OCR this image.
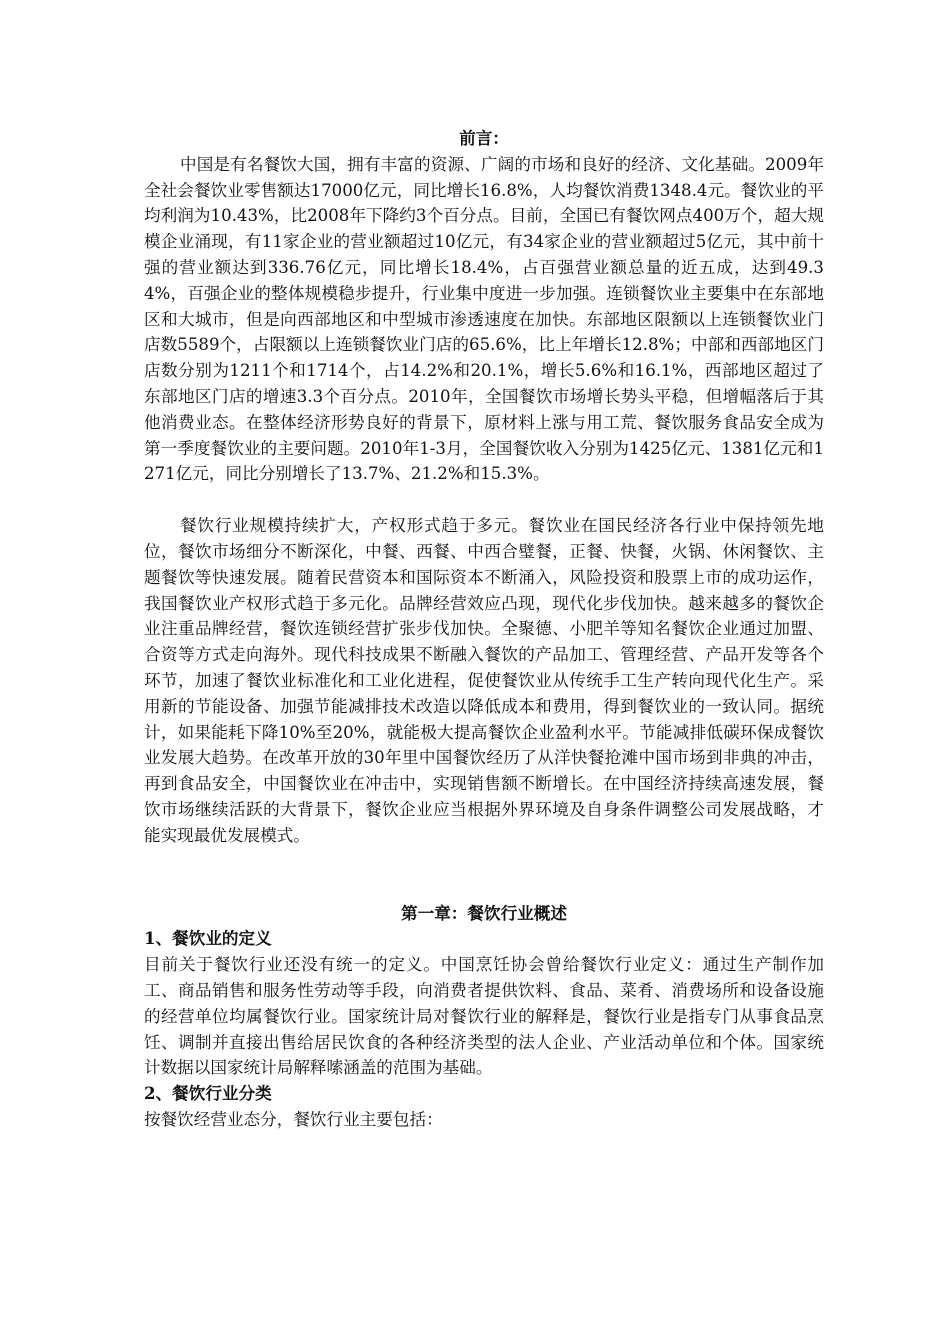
前言：

中国是有名餐饮大国，拥有丰富的资源、广阔的市场和良好的经济、文化基础。2009年全社会餐饮业零售额达17000亿元，同比增长16.8%，人均餐饮消费1348.4元。餐饮业的平均利润为10.43%，比2008年下降约3个百分点。目前，全国已有餐饮网点400万个，超大规模企业涌现，有11家企业的营业额超过10亿元，有34家企业的营业额超过5亿元，其中前十强的营业额达到336.76亿元，同比增长18.4%，占百强营业额总量的近五成，达到49.34%，百强企业的整体规模稳步提升，行业集中度进一步加强。连锁餐饮业主要集中在东部地区和大城市，但是向西部地区和中型城市渗透速度在加快。东部地区限额以上连锁餐饮业门店数5589个，占限额以上连锁餐饮业门店的65.6%，比上年增长12.8%；中部和西部地区门店数分别为1211个和1714个，占14.2%和20.1%，增长5.6%和16.1%，西部地区超过了东部地区门店的增速3.3个百分点。2010年，全国餐饮市场增长势头平稳，但增幅落后于其他消费业态。在整体经济形势良好的背景下，原材料上涨与用工荒、餐饮服务食品安全成为第一季度餐饮业的主要问题。2010年1-3月，全国餐饮收入分别为1425亿元、1381亿元和1271亿元，同比分别增长了13.7%、21.2%和15.3%。

餐饮行业规模持续扩大，产权形式趋于多元。餐饮业在国民经济各行业中保持领先地位，餐饮市场细分不断深化，中餐、西餐、中西合璧餐，正餐、快餐，火锅、休闲餐饮、主题餐饮等快速发展。随着民营资本和国际资本不断涌入，风险投资和股票上市的成功运作，我国餐饮业产权形式趋于多元化。品牌经营效应凸现，现代化步伐加快。越来越多的餐饮企业注重品牌经营，餐饮连锁经营扩张步伐加快。全聚德、小肥羊等知名餐饮企业通过加盟、合资等方式走向海外。现代科技成果不断融入餐饮的产品加工、管理经营、产品开发等各个环节，加速了餐饮业标准化和工业化进程，促使餐饮业从传统手工生产转向现代化生产。采用新的节能设备、加强节能减排技术改造以降低成本和费用，得到餐饮业的一致认同。据统计，如果能耗下降10%至20%，就能极大提高餐饮企业盈利水平。节能减排低碳环保成餐饮业发展大趋势。在改革开放的30年里中国餐饮经历了从洋快餐抢滩中国市场到非典的冲击，再到食品安全，中国餐饮业在冲击中，实现销售额不断增长。在中国经济持续高速发展，餐饮市场继续活跃的大背景下，餐饮企业应当根据外界环境及自身条件调整公司发展战略，才能实现最优发展模式。

第一章：餐饮行业概述

1、餐饮业的定义

目前关于餐饮行业还没有统一的定义。中国烹饪协会曾给餐饮行业定义：通过生产制作加工、商品销售和服务性劳动等手段，向消费者提供饮料、食品、菜肴、消费场所和设备设施的经营单位均属餐饮行业。国家统计局对餐饮行业的解释是，餐饮行业是指专门从事食品烹饪、调制并直接出售给居民饮食的各种经济类型的法人企业、产业活动单位和个体。国家统计数据以国家统计局解释嗦涵盖的范围为基础。

2、餐饮行业分类

按餐饮经营业态分，餐饮行业主要包括：
